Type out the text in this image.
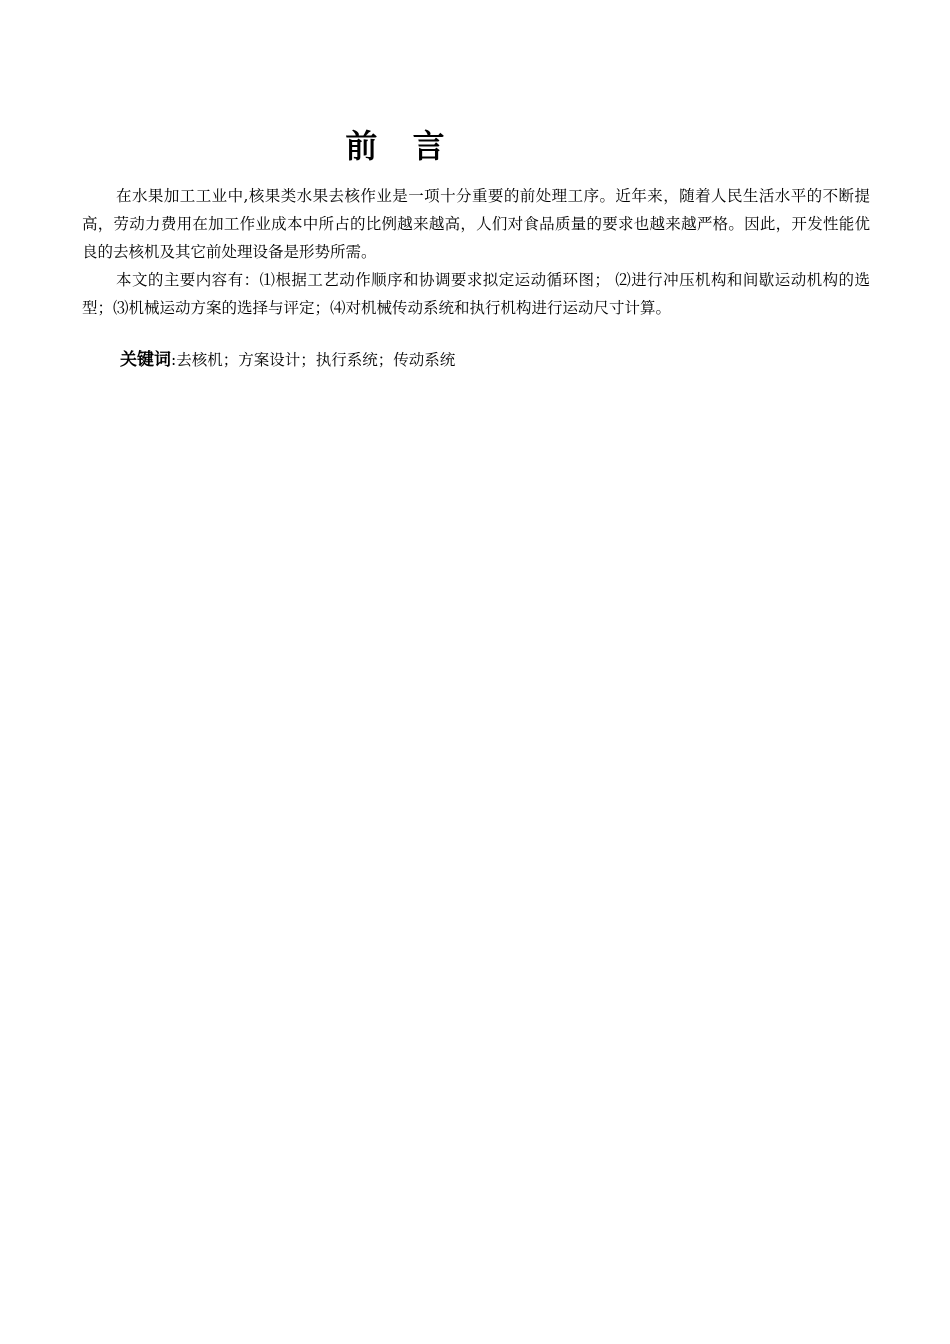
前 言

在水果加工工业中,核果类水果去核作业是一项十分重要的前处理工序。近年来，随着人民生活水平的不断提高，劳动力费用在加工作业成本中所占的比例越来越高，人们对食品质量的要求也越来越严格。因此，开发性能优良的去核机及其它前处理设备是形势所需。

本文的主要内容有：⑴根据工艺动作顺序和协调要求拟定运动循环图； ⑵进行冲压机构和间歇运动机构的选型；⑶机械运动方案的选择与评定；⑷对机械传动系统和执行机构进行运动尺寸计算。

关键词:去核机；方案设计；执行系统；传动系统
